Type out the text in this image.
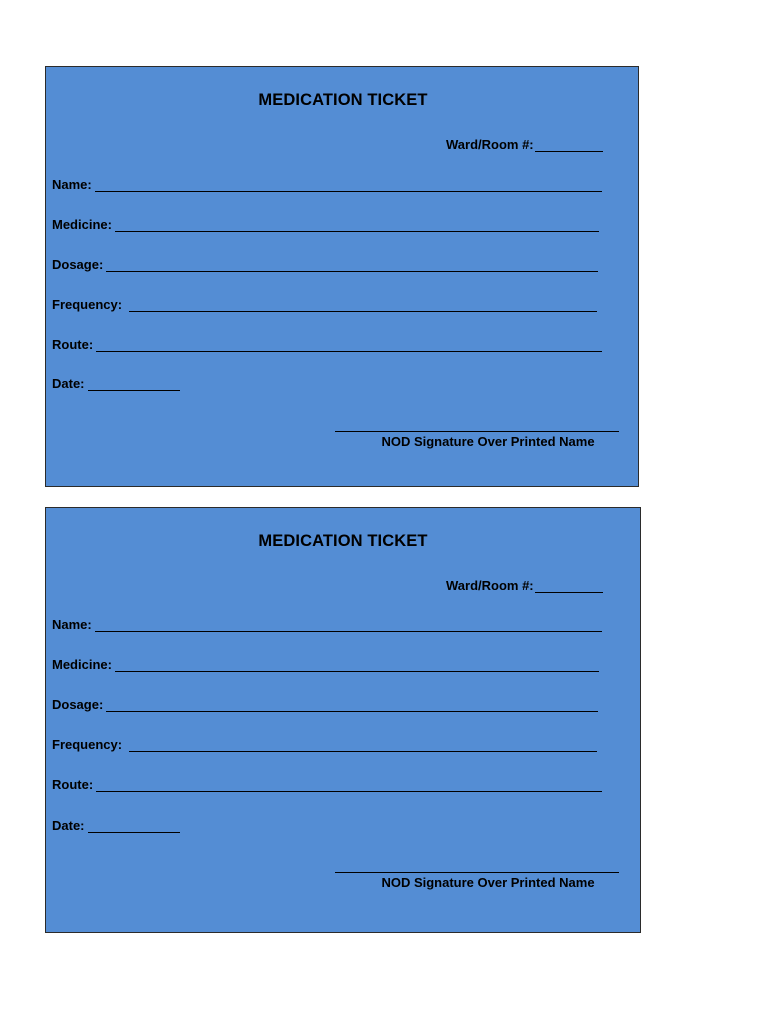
MEDICATION TICKET
Ward/Room #:
Name:
Medicine:
Dosage:
Frequency:
Route:
Date:
NOD Signature Over Printed Name
MEDICATION TICKET
Ward/Room #:
Name:
Medicine:
Dosage:
Frequency:
Route:
Date:
NOD Signature Over Printed Name
